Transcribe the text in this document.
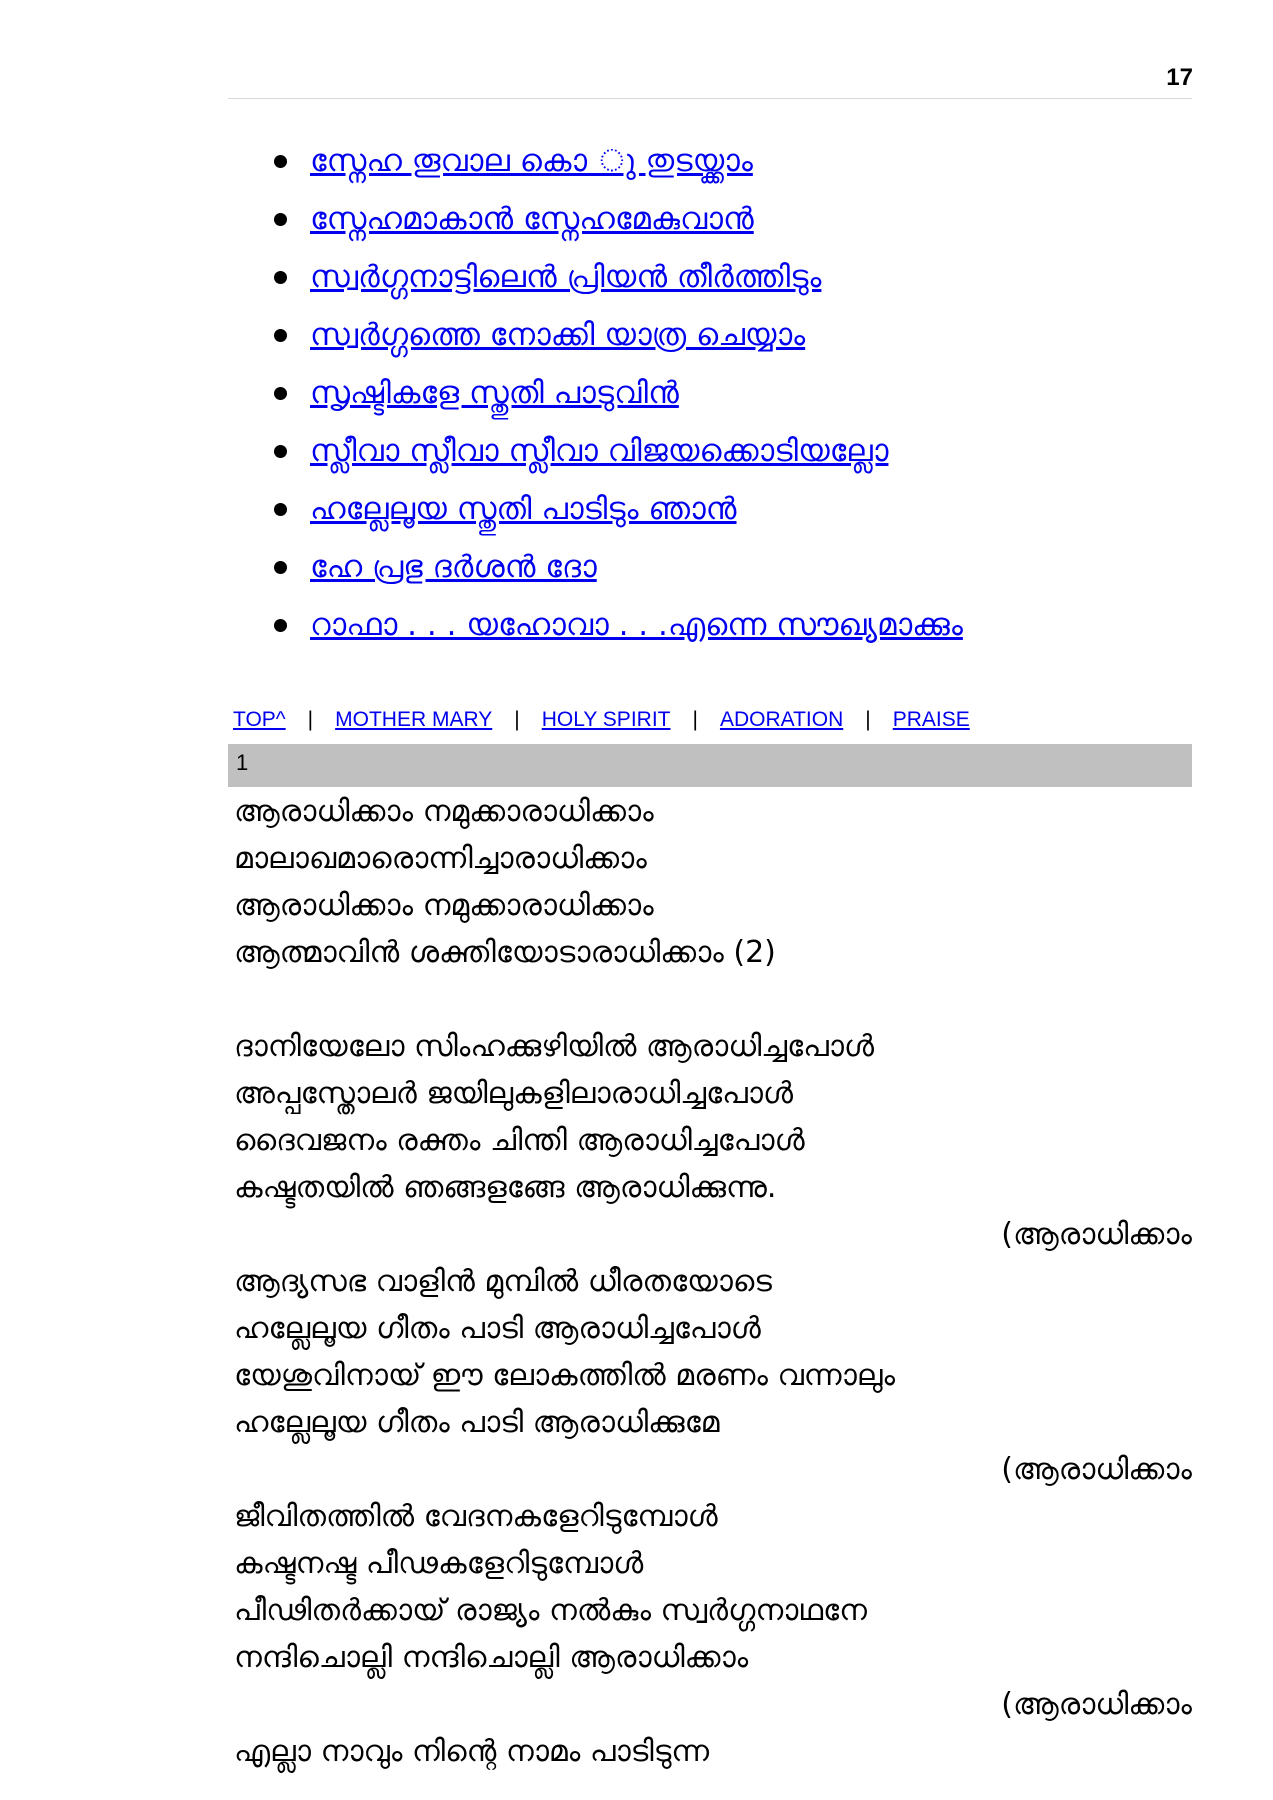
17
സ്നേഹ തൂവാല കൊ ു തുടയ്ക്കാം
സ്നേഹമാകാൻ സ്നേഹമേകുവാൻ
സ്വർഗ്ഗനാട്ടിലെൻ പ്രിയൻ തീർത്തിടും
സ്വർഗ്ഗത്തെ നോക്കി യാത്ര ചെയ്യാം
സൃഷ്ടികളേ സ്തുതി പാടുവിൻ
സ്ലീവാ സ്ലീവാ സ്ലീവാ വിജയക്കൊടിയല്ലോ
ഹല്ലേലൂയ സ്തുതി പാടിടും ഞാൻ
ഹേ പ്രഭു ദർശൻ ദോ
റാഫാ . . . യഹോവാ . . .എന്നെ സൗഖ്യമാക്കും
TOP^ | MOTHER MARY | HOLY SPIRIT | ADORATION | PRAISE
1
ആരാധിക്കാം നമുക്കാരാധിക്കാം
മാലാഖമാരൊന്നിച്ചാരാധിക്കാം
ആരാധിക്കാം നമുക്കാരാധിക്കാം
ആത്മാവിൻ ശക്തിയോടാരാധിക്കാം (2)
ദാനിയേലോ സിംഹക്കുഴിയിൽ ആരാധിച്ചപോൾ
അപ്പസ്തോലർ ജയിലുകളിലാരാധിച്ചപോൾ
ദൈവജനം രക്തം ചിന്തി ആരാധിച്ചപോൾ
കഷ്ടതയിൽ ഞങ്ങളങ്ങേ ആരാധിക്കുന്നു.
(ആരാധിക്കാം
ആദ്യസഭ വാളിൻ മുമ്പിൽ ധീരതയോടെ
ഹല്ലേലൂയ ഗീതം പാടി ആരാധിച്ചപോൾ
യേശുവിനായ് ഈ ലോകത്തിൽ മരണം വന്നാലും
ഹല്ലേലൂയ ഗീതം പാടി ആരാധിക്കുമേ
(ആരാധിക്കാം
ജീവിതത്തിൽ വേദനകളേറിടുമ്പോൾ
കഷ്ടനഷ്ട പീഢകളേറിടുമ്പോൾ
പീഢിതർക്കായ് രാജ്യം നൽകും സ്വർഗ്ഗനാഥനേ
നന്ദിചൊല്ലി നന്ദിചൊല്ലി ആരാധിക്കാം
(ആരാധിക്കാം
എല്ലാ നാവും നിന്റെ നാമം പാടിടുന്ന
